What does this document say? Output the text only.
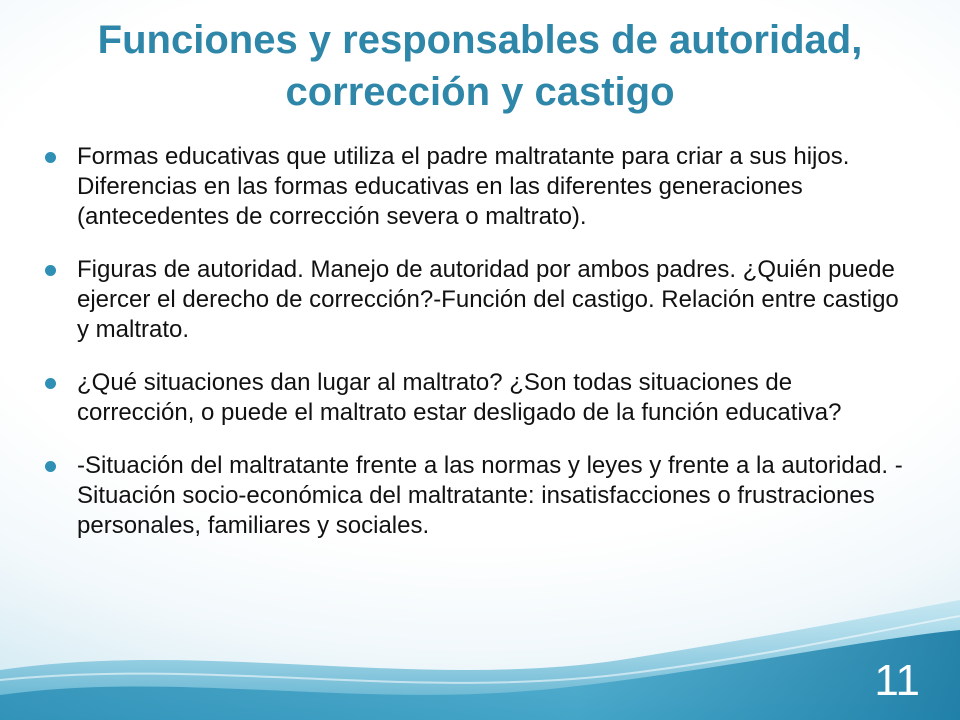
Funciones y responsables de autoridad, corrección y castigo
Formas educativas que utiliza el padre maltratante para criar a sus hijos. Diferencias en las formas educativas en las diferentes generaciones (antecedentes de corrección severa o maltrato).
Figuras de autoridad. Manejo de autoridad por ambos padres. ¿Quién puede ejercer el derecho de corrección?-Función del castigo. Relación entre castigo y maltrato.
¿Qué situaciones dan lugar al maltrato? ¿Son todas situaciones de corrección, o puede el maltrato estar desligado de la función educativa?
-Situación del maltratante frente a las normas y leyes y frente a la autoridad. -Situación socio-económica del maltratante: insatisfacciones o frustraciones personales, familiares y sociales.
11
